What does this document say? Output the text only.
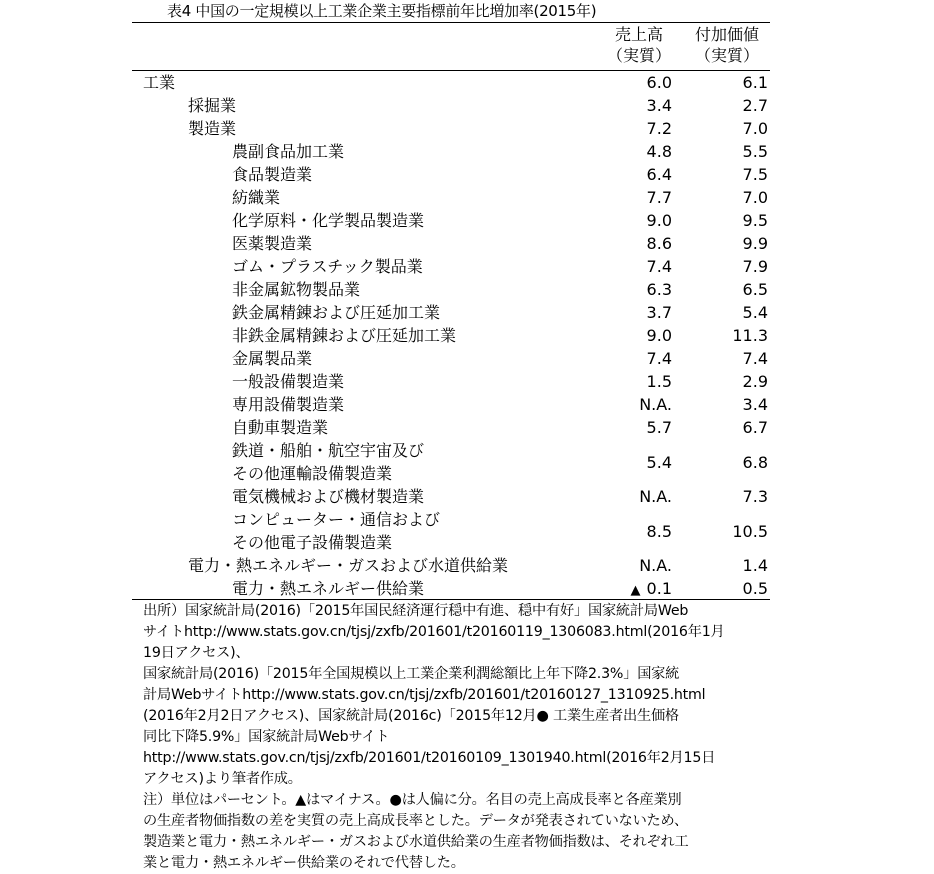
表4 中国の一定規模以上工業企業主要指標前年比増加率(2015年)
売上高
（実質）
付加価値
（実質）
工業	6.0	6.1
採掘業	3.4	2.7
製造業	7.2	7.0
農副食品加工業	4.8	5.5
食品製造業	6.4	7.5
紡織業	7.7	7.0
化学原料・化学製品製造業	9.0	9.5
医薬製造業	8.6	9.9
ゴム・プラスチック製品業	7.4	7.9
非金属鉱物製品業	6.3	6.5
鉄金属精錬および圧延加工業	3.7	5.4
非鉄金属精錬および圧延加工業	9.0	11.3
金属製品業	7.4	7.4
一般設備製造業	1.5	2.9
専用設備製造業	N.A.	3.4
自動車製造業	5.7	6.7
鉄道・船舶・航空宇宙及び
その他運輸設備製造業
5.4	6.8
電気機械および機材製造業	N.A.	7.3
コンピューター・通信および
その他電子設備製造業
8.5	10.5
電力・熱エネルギー・ガスおよび水道供給業	N.A.	1.4
電力・熱エネルギー供給業	▲ 0.1	0.5

出所）国家統計局(2016)「2015年国民経済運行穏中有進、穏中有好」国家統計局Web

サイトhttp://www.stats.gov.cn/tjsj/zxfb/201601/t20160119_1306083.html(2016年1月

19日アクセス)、

国家統計局(2016)「2015年全国規模以上工業企業利潤総額比上年下降2.3%」国家統

計局Webサイトhttp://www.stats.gov.cn/tjsj/zxfb/201601/t20160127_1310925.html

(2016年2月2日アクセス)、国家統計局(2016c)「2015年12月● 工業生産者出生価格

同比下降5.9%」国家統計局Webサイト

http://www.stats.gov.cn/tjsj/zxfb/201601/t20160109_1301940.html(2016年2月15日

アクセス)より筆者作成。

注）単位はパーセント。▲はマイナス。●は人偏に分。名目の売上高成長率と各産業別

の生産者物価指数の差を実質の売上高成長率とした。データが発表されていないため、

製造業と電力・熱エネルギー・ガスおよび水道供給業の生産者物価指数は、それぞれ工

業と電力・熱エネルギー供給業のそれで代替した。
